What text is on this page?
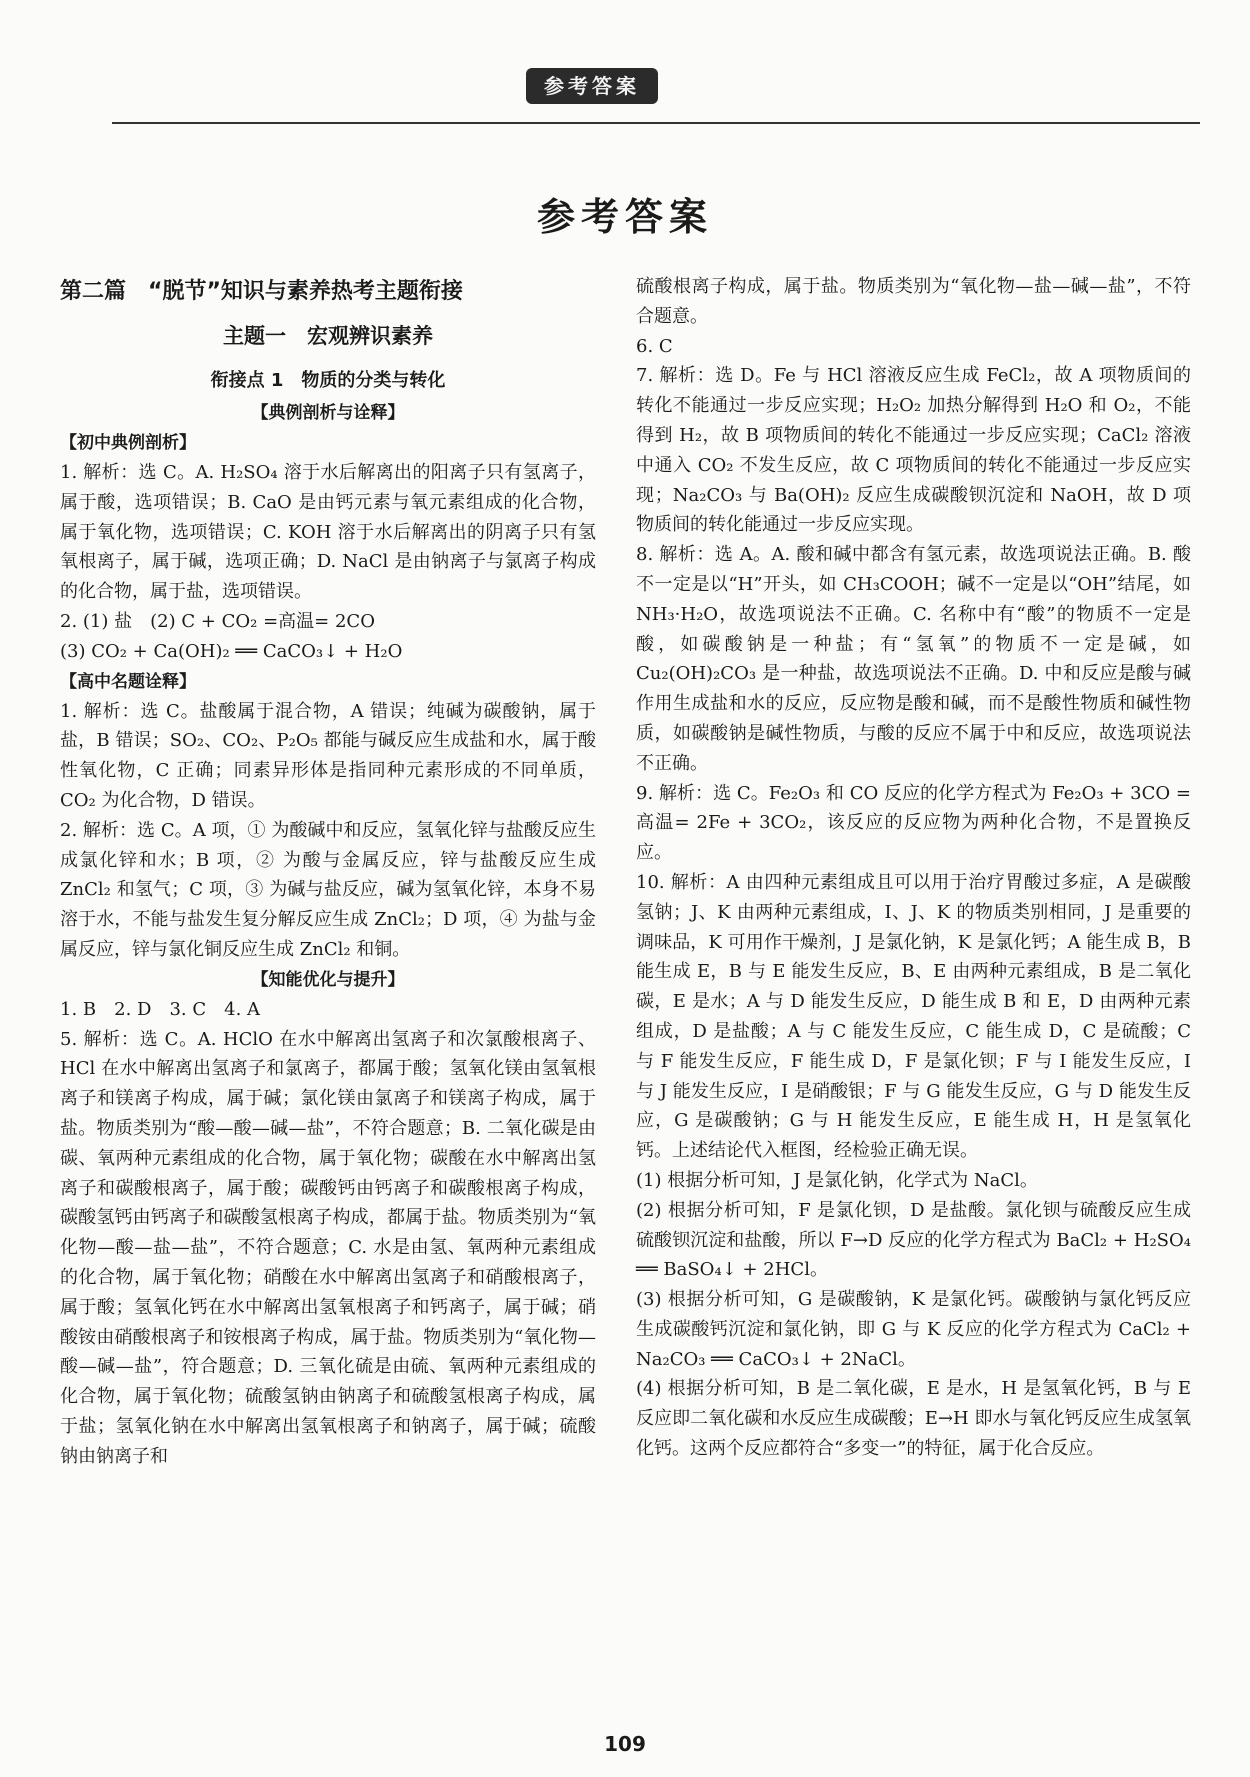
参考答案
参考答案
第二篇　“脱节”知识与素养热考主题衔接
主题一　宏观辨识素养
衔接点 1　物质的分类与转化
【典例剖析与诠释】
【初中典例剖析】

1. 解析：选 C。A. H₂SO₄ 溶于水后解离出的阳离子只有氢离子，属于酸，选项错误；B. CaO 是由钙元素与氧元素组成的化合物，属于氧化物，选项错误；C. KOH 溶于水后解离出的阴离子只有氢氧根离子，属于碱，选项正确；D. NaCl 是由钠离子与氯离子构成的化合物，属于盐，选项错误。

2. (1) 盐　(2) C + CO₂ =高温= 2CO

(3) CO₂ + Ca(OH)₂ ══ CaCO₃↓ + H₂O

【高中名题诠释】

1. 解析：选 C。盐酸属于混合物，A 错误；纯碱为碳酸钠，属于盐，B 错误；SO₂、CO₂、P₂O₅ 都能与碱反应生成盐和水，属于酸性氧化物，C 正确；同素异形体是指同种元素形成的不同单质，CO₂ 为化合物，D 错误。

2. 解析：选 C。A 项，① 为酸碱中和反应，氢氧化锌与盐酸反应生成氯化锌和水；B 项，② 为酸与金属反应，锌与盐酸反应生成 ZnCl₂ 和氢气；C 项，③ 为碱与盐反应，碱为氢氧化锌，本身不易溶于水，不能与盐发生复分解反应生成 ZnCl₂；D 项，④ 为盐与金属反应，锌与氯化铜反应生成 ZnCl₂ 和铜。

【知能优化与提升】

1. B　2. D　3. C　4. A

5. 解析：选 C。A. HClO 在水中解离出氢离子和次氯酸根离子、HCl 在水中解离出氢离子和氯离子，都属于酸；氢氧化镁由氢氧根离子和镁离子构成，属于碱；氯化镁由氯离子和镁离子构成，属于盐。物质类别为“酸—酸—碱—盐”，不符合题意；B. 二氧化碳是由碳、氧两种元素组成的化合物，属于氧化物；碳酸在水中解离出氢离子和碳酸根离子，属于酸；碳酸钙由钙离子和碳酸根离子构成，碳酸氢钙由钙离子和碳酸氢根离子构成，都属于盐。物质类别为“氧化物—酸—盐—盐”，不符合题意；C. 水是由氢、氧两种元素组成的化合物，属于氧化物；硝酸在水中解离出氢离子和硝酸根离子，属于酸；氢氧化钙在水中解离出氢氧根离子和钙离子，属于碱；硝酸铵由硝酸根离子和铵根离子构成，属于盐。物质类别为“氧化物—酸—碱—盐”，符合题意；D. 三氧化硫是由硫、氧两种元素组成的化合物，属于氧化物；硫酸氢钠由钠离子和硫酸氢根离子构成，属于盐；氢氧化钠在水中解离出氢氧根离子和钠离子，属于碱；硫酸钠由钠离子和

硫酸根离子构成，属于盐。物质类别为“氧化物—盐—碱—盐”，不符合题意。

6. C

7. 解析：选 D。Fe 与 HCl 溶液反应生成 FeCl₂，故 A 项物质间的转化不能通过一步反应实现；H₂O₂ 加热分解得到 H₂O 和 O₂，不能得到 H₂，故 B 项物质间的转化不能通过一步反应实现；CaCl₂ 溶液中通入 CO₂ 不发生反应，故 C 项物质间的转化不能通过一步反应实现；Na₂CO₃ 与 Ba(OH)₂ 反应生成碳酸钡沉淀和 NaOH，故 D 项物质间的转化能通过一步反应实现。

8. 解析：选 A。A. 酸和碱中都含有氢元素，故选项说法正确。B. 酸不一定是以“H”开头，如 CH₃COOH；碱不一定是以“OH”结尾，如 NH₃·H₂O，故选项说法不正确。C. 名称中有“酸”的物质不一定是酸，如碳酸钠是一种盐；有“氢氧”的物质不一定是碱，如 Cu₂(OH)₂CO₃ 是一种盐，故选项说法不正确。D. 中和反应是酸与碱作用生成盐和水的反应，反应物是酸和碱，而不是酸性物质和碱性物质，如碳酸钠是碱性物质，与酸的反应不属于中和反应，故选项说法不正确。

9. 解析：选 C。Fe₂O₃ 和 CO 反应的化学方程式为 Fe₂O₃ + 3CO =高温= 2Fe + 3CO₂，该反应的反应物为两种化合物，不是置换反应。

10. 解析：A 由四种元素组成且可以用于治疗胃酸过多症，A 是碳酸氢钠；J、K 由两种元素组成，I、J、K 的物质类别相同，J 是重要的调味品，K 可用作干燥剂，J 是氯化钠，K 是氯化钙；A 能生成 B，B 能生成 E，B 与 E 能发生反应，B、E 由两种元素组成，B 是二氧化碳，E 是水；A 与 D 能发生反应，D 能生成 B 和 E，D 由两种元素组成，D 是盐酸；A 与 C 能发生反应，C 能生成 D，C 是硫酸；C 与 F 能发生反应，F 能生成 D，F 是氯化钡；F 与 I 能发生反应，I 与 J 能发生反应，I 是硝酸银；F 与 G 能发生反应，G 与 D 能发生反应，G 是碳酸钠；G 与 H 能发生反应，E 能生成 H，H 是氢氧化钙。上述结论代入框图，经检验正确无误。

(1) 根据分析可知，J 是氯化钠，化学式为 NaCl。

(2) 根据分析可知，F 是氯化钡，D 是盐酸。氯化钡与硫酸反应生成硫酸钡沉淀和盐酸，所以 F→D 反应的化学方程式为 BaCl₂ + H₂SO₄ ══ BaSO₄↓ + 2HCl。

(3) 根据分析可知，G 是碳酸钠，K 是氯化钙。碳酸钠与氯化钙反应生成碳酸钙沉淀和氯化钠，即 G 与 K 反应的化学方程式为 CaCl₂ + Na₂CO₃ ══ CaCO₃↓ + 2NaCl。

(4) 根据分析可知，B 是二氧化碳，E 是水，H 是氢氧化钙，B 与 E 反应即二氧化碳和水反应生成碳酸；E→H 即水与氧化钙反应生成氢氧化钙。这两个反应都符合“多变一”的特征，属于化合反应。

109
